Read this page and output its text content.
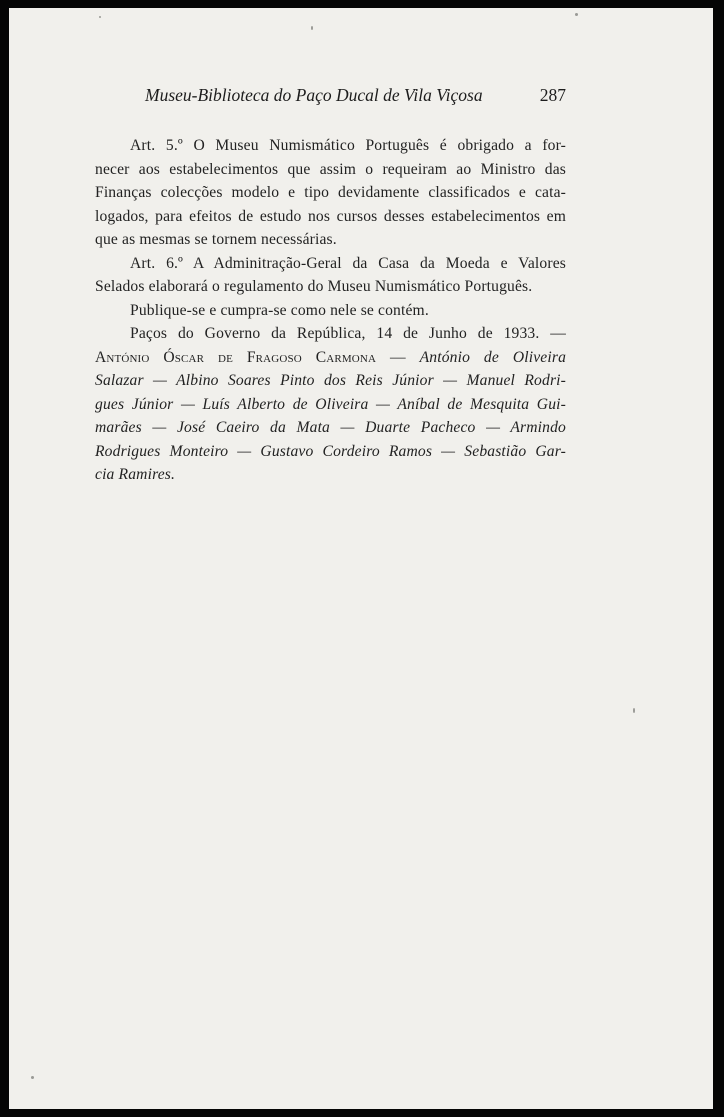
Museu-Biblioteca do Paço Ducal de Vila Viçosa	287
Art. 5.º O Museu Numismático Português é obrigado a for-
necer aos estabelecimentos que assim o requeiram ao Ministro das
Finanças colecções modelo e tipo devidamente classificados e cata-
logados, para efeitos de estudo nos cursos desses estabelecimentos em
que as mesmas se tornem necessárias.
Art. 6.º A Adminitração-Geral da Casa da Moeda e Valores
Selados elaborará o regulamento do Museu Numismático Português.
Publique-se e cumpra-se como nele se contém.
Paços do Governo da República, 14 de Junho de 1933. —
António Óscar de Fragoso Carmona — António de Oliveira
Salazar — Albino Soares Pinto dos Reis Júnior — Manuel Rodri-
gues Júnior — Luís Alberto de Oliveira — Aníbal de Mesquita Gui-
marães — José Caeiro da Mata — Duarte Pacheco — Armindo
Rodrigues Monteiro — Gustavo Cordeiro Ramos — Sebastião Gar-
cia Ramires.
